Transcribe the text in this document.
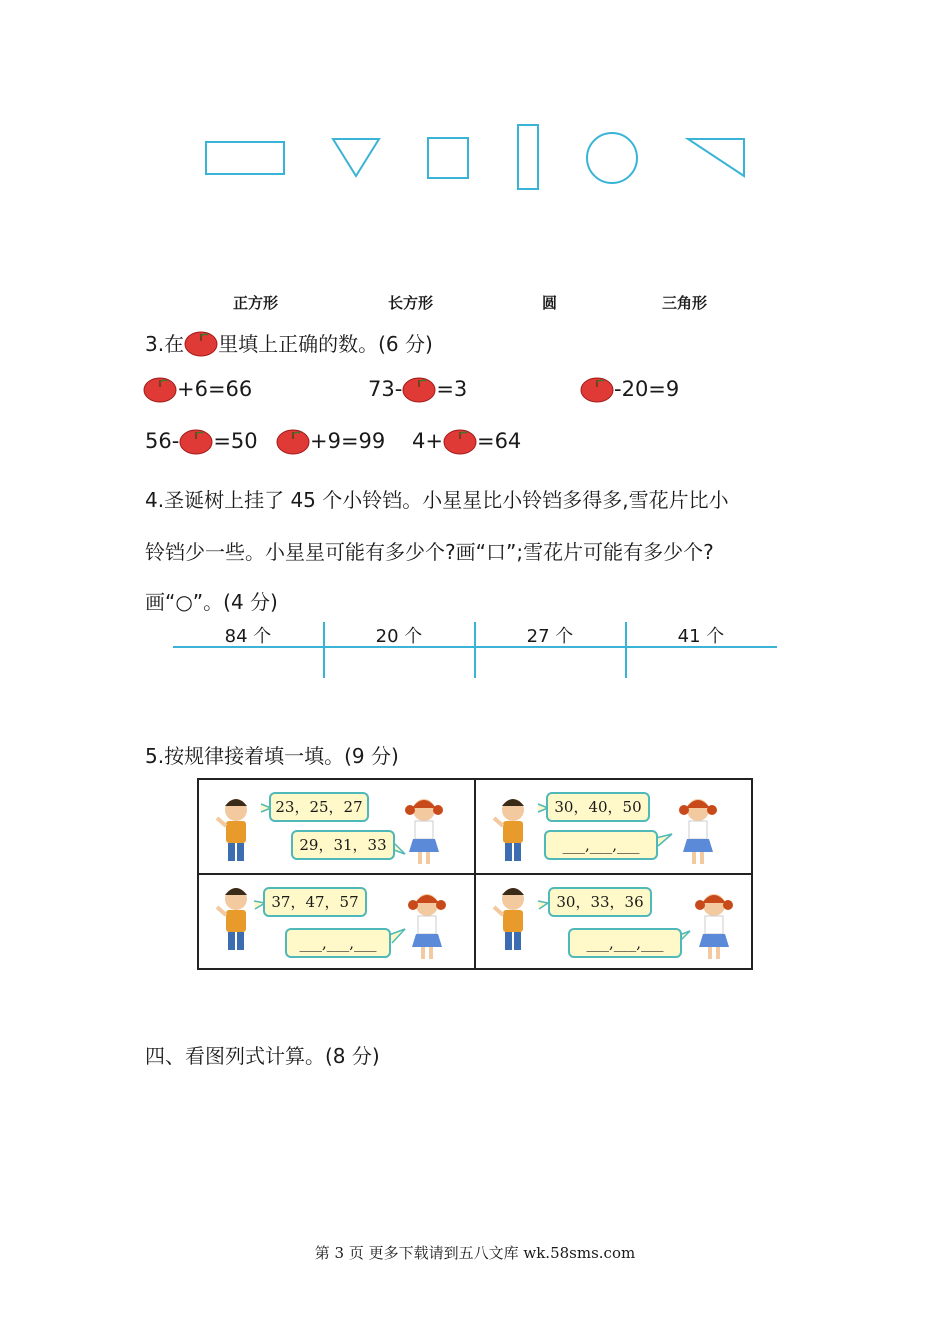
正方形	长方形	圆	三角形
3.在 里填上正确的数。(6 分)
+6=66	73- =3	-20=9
56- =50 +9=99 4+ =64
4.圣诞树上挂了 45 个小铃铛。小星星比小铃铛多得多,雪花片比小
铃铛少一些。小星星可能有多少个?画“口”;雪花片可能有多少个?
画“○”。(4 分)
84 个	20 个	27 个	41 个
5.按规律接着填一填。(9 分)
23，25，27
29，31，33
30，40，50
___,___,___
37，47，57
___,___,___
30，33，36
___,___,___
四、看图列式计算。(8 分)
第 3 页 更多下载请到五八文库 wk.58sms.com
